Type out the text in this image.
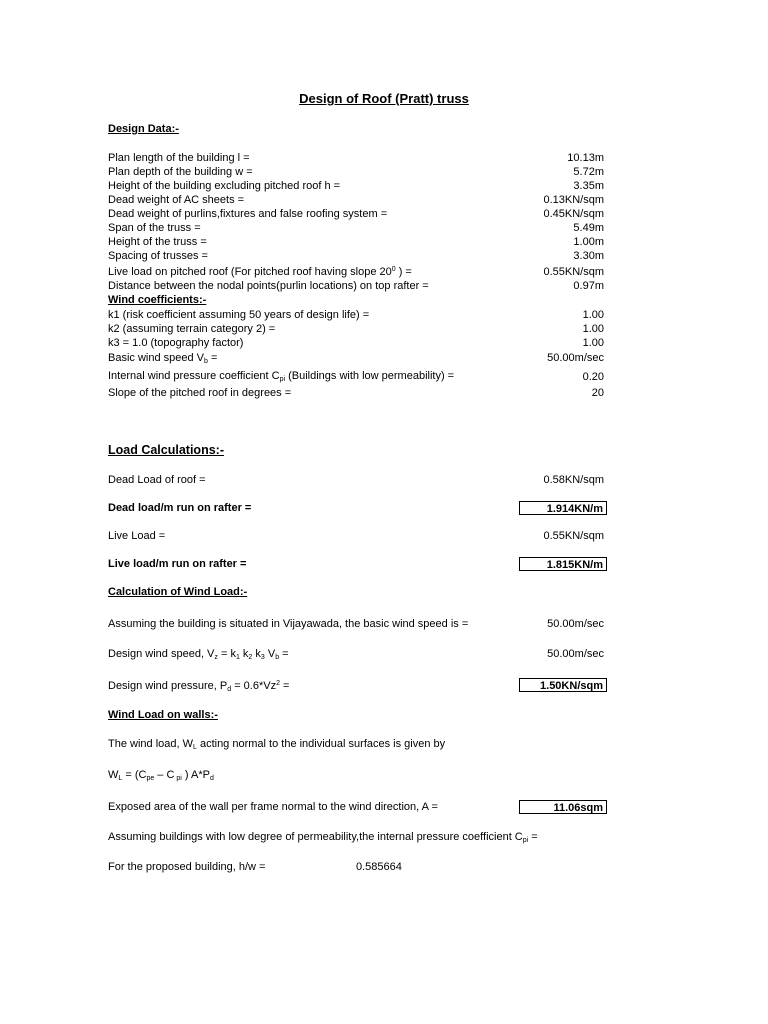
Design of Roof (Pratt) truss
Design Data:-
Plan length of the building l =	10.13m
Plan depth of the building w =	5.72m
Height of the building excluding pitched roof h =	3.35m
Dead weight of AC sheets =	0.13KN/sqm
Dead weight of purlins,fixtures and false roofing system =	0.45KN/sqm
Span of the truss =	5.49m
Height of the truss =	1.00m
Spacing of trusses =	3.30m
Live load on pitched roof (For pitched roof having slope $20^0$ ) =	0.55KN/sqm
Distance between the nodal points(purlin locations) on top rafter =	0.97m
Wind coefficients:-
k1 (risk coefficient assuming 50 years of design life) =	1.00
k2 (assuming terrain category 2) =	1.00
k3 = 1.0 (topography factor)	1.00
Basic wind speed $V_b$ =	50.00m/sec
Internal wind pressure coefficient $C_{pi}$ (Buildings with low permeability) =	0.20
Slope of the pitched roof in degrees =	20
Load Calculations:-
Dead Load of roof =	0.58KN/sqm
Dead load/m run on rafter =	1.914KN/m
Live Load =	0.55KN/sqm
Live load/m run on rafter =	1.815KN/m
Calculation of Wind Load:-
Assuming the building is situated in Vijayawada, the basic wind speed is =	50.00m/sec
Design wind speed, $V_z = k_1$ $k_2$ $k_3$ $V_b$ =	50.00m/sec
Design wind pressure, $P_d = 0.6*Vz^2$ =	1.50KN/sqm
Wind Load on walls:-
The wind load, $W_L$ acting normal to the individual surfaces is given by
$W_L = (C_{pe} - C$ $_{pi}$ ) $A*P_d$
Exposed area of the wall per frame normal to the wind direction, A =	11.06sqm
Assuming buildings with low degree of permeability,the internal pressure coefficient $C_{pi}$ =
For the proposed building, h/w =	0.585664
